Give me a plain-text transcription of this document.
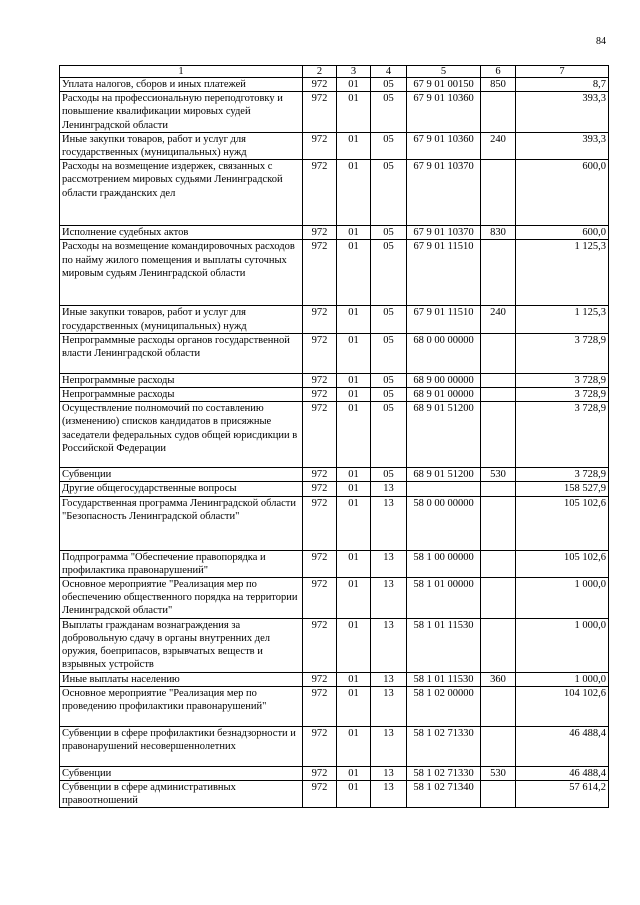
84
1	2	3	4	5	6	7
Уплата налогов, сборов и иных платежей	972	01	05	67 9 01 00150	850	8,7
Расходы на профессиональную переподготовку и повышение квалификации мировых судей Ленинградской области	972	01	05	67 9 01 10360		393,3
Иные закупки товаров, работ и услуг для государственных (муниципальных) нужд	972	01	05	67 9 01 10360	240	393,3
Расходы на возмещение издержек, связанных с рассмотрением мировых судьями Ленинградской области гражданских дел	972	01	05	67 9 01 10370		600,0
Исполнение судебных актов	972	01	05	67 9 01 10370	830	600,0
Расходы на возмещение командировочных расходов по найму жилого помещения и выплаты суточных мировым судьям Ленинградской области	972	01	05	67 9 01 11510		1 125,3
Иные закупки товаров, работ и услуг для государственных (муниципальных) нужд	972	01	05	67 9 01 11510	240	1 125,3
Непрограммные расходы органов государственной власти Ленинградской области	972	01	05	68 0 00 00000		3 728,9
Непрограммные расходы	972	01	05	68 9 00 00000		3 728,9
Непрограммные расходы	972	01	05	68 9 01 00000		3 728,9
Осуществление полномочий по составлению (изменению) списков кандидатов в присяжные заседатели федеральных судов общей юрисдикции в Российской Федерации	972	01	05	68 9 01 51200		3 728,9
Субвенции	972	01	05	68 9 01 51200	530	3 728,9
Другие общегосударственные вопросы	972	01	13			158 527,9
Государственная программа Ленинградской области "Безопасность Ленинградской области"	972	01	13	58 0 00 00000		105 102,6
Подпрограмма "Обеспечение правопорядка и профилактика правонарушений"	972	01	13	58 1 00 00000		105 102,6
Основное мероприятие "Реализация мер по обеспечению общественного порядка на территории Ленинградской области"	972	01	13	58 1 01 00000		1 000,0
Выплаты гражданам вознаграждения за добровольную сдачу в органы внутренних дел оружия, боеприпасов, взрывчатых веществ и взрывных устройств	972	01	13	58 1 01 11530		1 000,0
Иные выплаты населению	972	01	13	58 1 01 11530	360	1 000,0
Основное мероприятие "Реализация мер по проведению профилактики правонарушений"	972	01	13	58 1 02 00000		104 102,6
Субвенции в сфере профилактики безнадзорности и правонарушений несовершеннолетних	972	01	13	58 1 02 71330		46 488,4
Субвенции	972	01	13	58 1 02 71330	530	46 488,4
Субвенции в сфере административных правоотношений	972	01	13	58 1 02 71340		57 614,2
